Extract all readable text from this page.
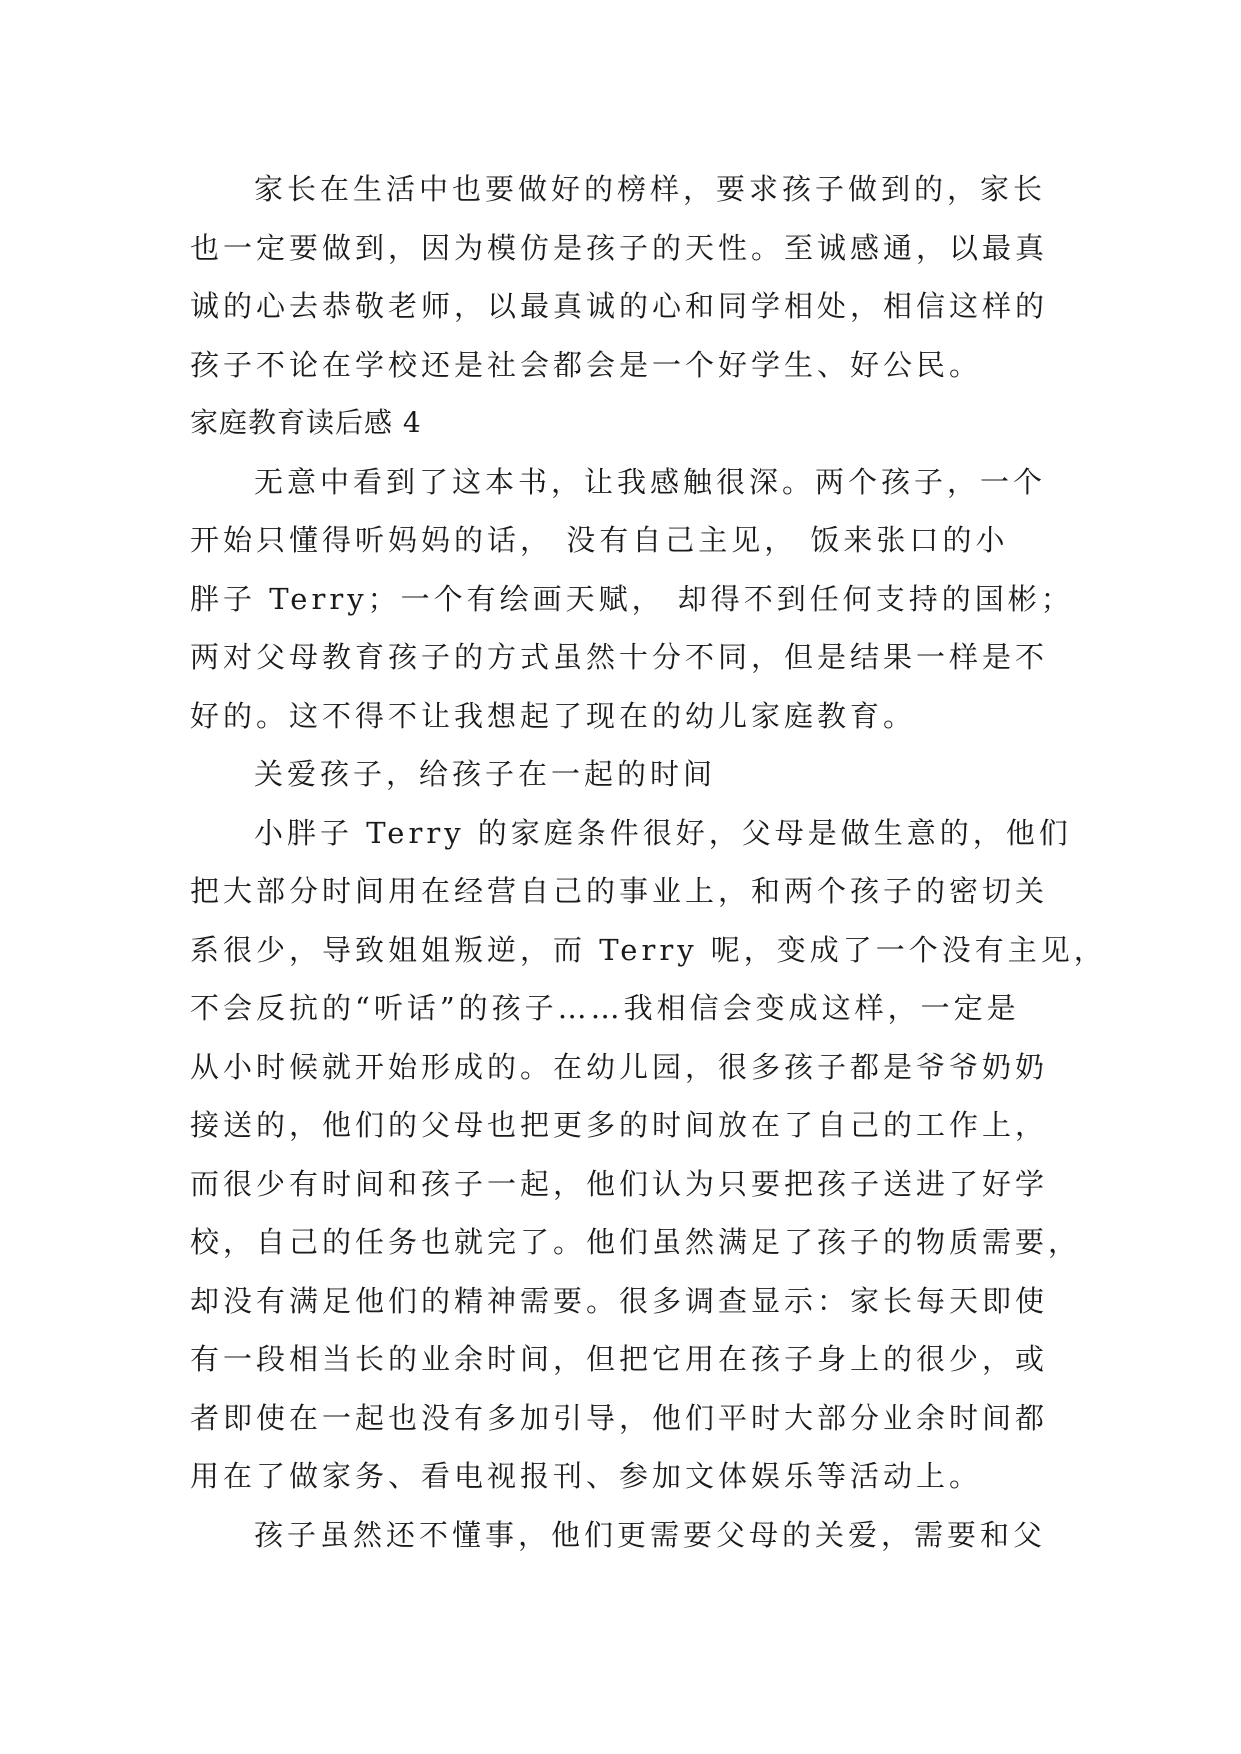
家长在生活中也要做好的榜样，要求孩子做到的，家长

也一定要做到，因为模仿是孩子的天性。至诚感通，以最真

诚的心去恭敬老师，以最真诚的心和同学相处，相信这样的

孩子不论在学校还是社会都会是一个好学生、好公民。

家庭教育读后感 4

无意中看到了这本书，让我感触很深。两个孩子，一个

开始只懂得听妈妈的话， 没有自己主见， 饭来张口的小

胖子 Terry；一个有绘画天赋， 却得不到任何支持的国彬；

两对父母教育孩子的方式虽然十分不同，但是结果一样是不

好的。这不得不让我想起了现在的幼儿家庭教育。

关爱孩子，给孩子在一起的时间

小胖子 Terry 的家庭条件很好，父母是做生意的，他们

把大部分时间用在经营自己的事业上，和两个孩子的密切关

系很少，导致姐姐叛逆，而 Terry 呢，变成了一个没有主见，

不会反抗的“听话”的孩子……我相信会变成这样，一定是

从小时候就开始形成的。在幼儿园，很多孩子都是爷爷奶奶

接送的，他们的父母也把更多的时间放在了自己的工作上，

而很少有时间和孩子一起，他们认为只要把孩子送进了好学

校，自己的任务也就完了。他们虽然满足了孩子的物质需要，

却没有满足他们的精神需要。很多调查显示：家长每天即使

有一段相当长的业余时间，但把它用在孩子身上的很少，或

者即使在一起也没有多加引导，他们平时大部分业余时间都

用在了做家务、看电视报刊、参加文体娱乐等活动上。

孩子虽然还不懂事，他们更需要父母的关爱，需要和父
